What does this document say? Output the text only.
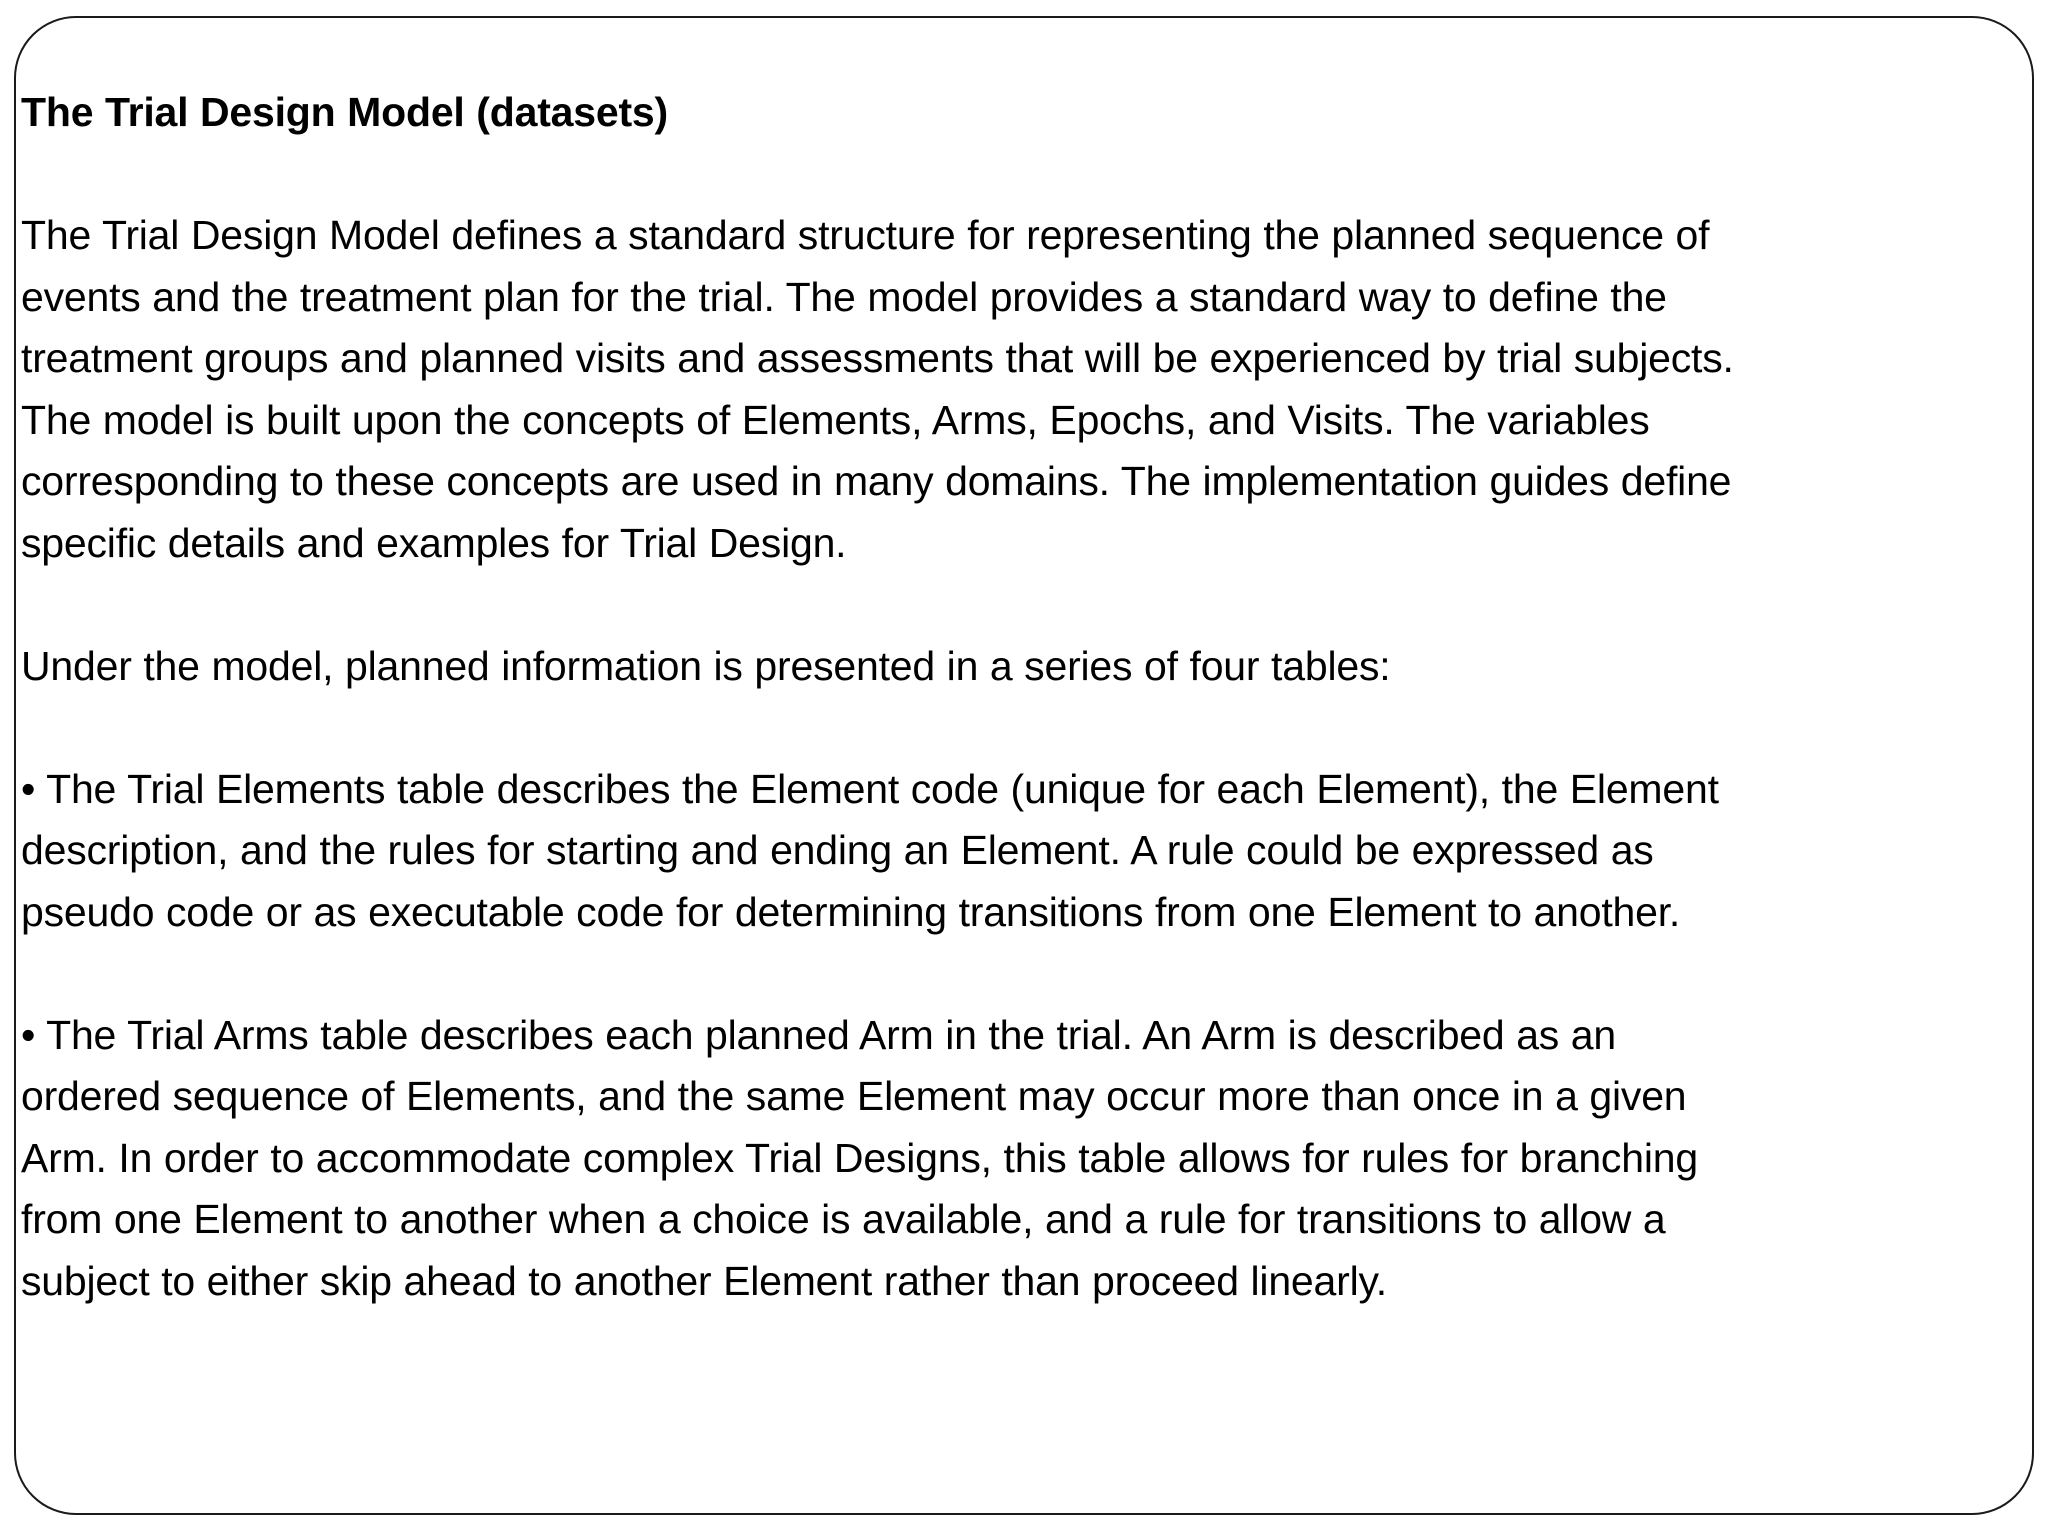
The Trial Design Model (datasets)
The Trial Design Model defines a standard structure for representing the planned sequence of
events and the treatment plan for the trial. The model provides a standard way to define the
treatment groups and planned visits and assessments that will be experienced by trial subjects.
The model is built upon the concepts of Elements, Arms, Epochs, and Visits. The variables
corresponding to these concepts are used in many domains. The implementation guides define
specific details and examples for Trial Design.
Under the model, planned information is presented in a series of four tables:
• The Trial Elements table describes the Element code (unique for each Element), the Element
description, and the rules for starting and ending an Element. A rule could be expressed as
pseudo code or as executable code for determining transitions from one Element to another.
• The Trial Arms table describes each planned Arm in the trial. An Arm is described as an
ordered sequence of Elements, and the same Element may occur more than once in a given
Arm. In order to accommodate complex Trial Designs, this table allows for rules for branching
from one Element to another when a choice is available, and a rule for transitions to allow a
subject to either skip ahead to another Element rather than proceed linearly.
